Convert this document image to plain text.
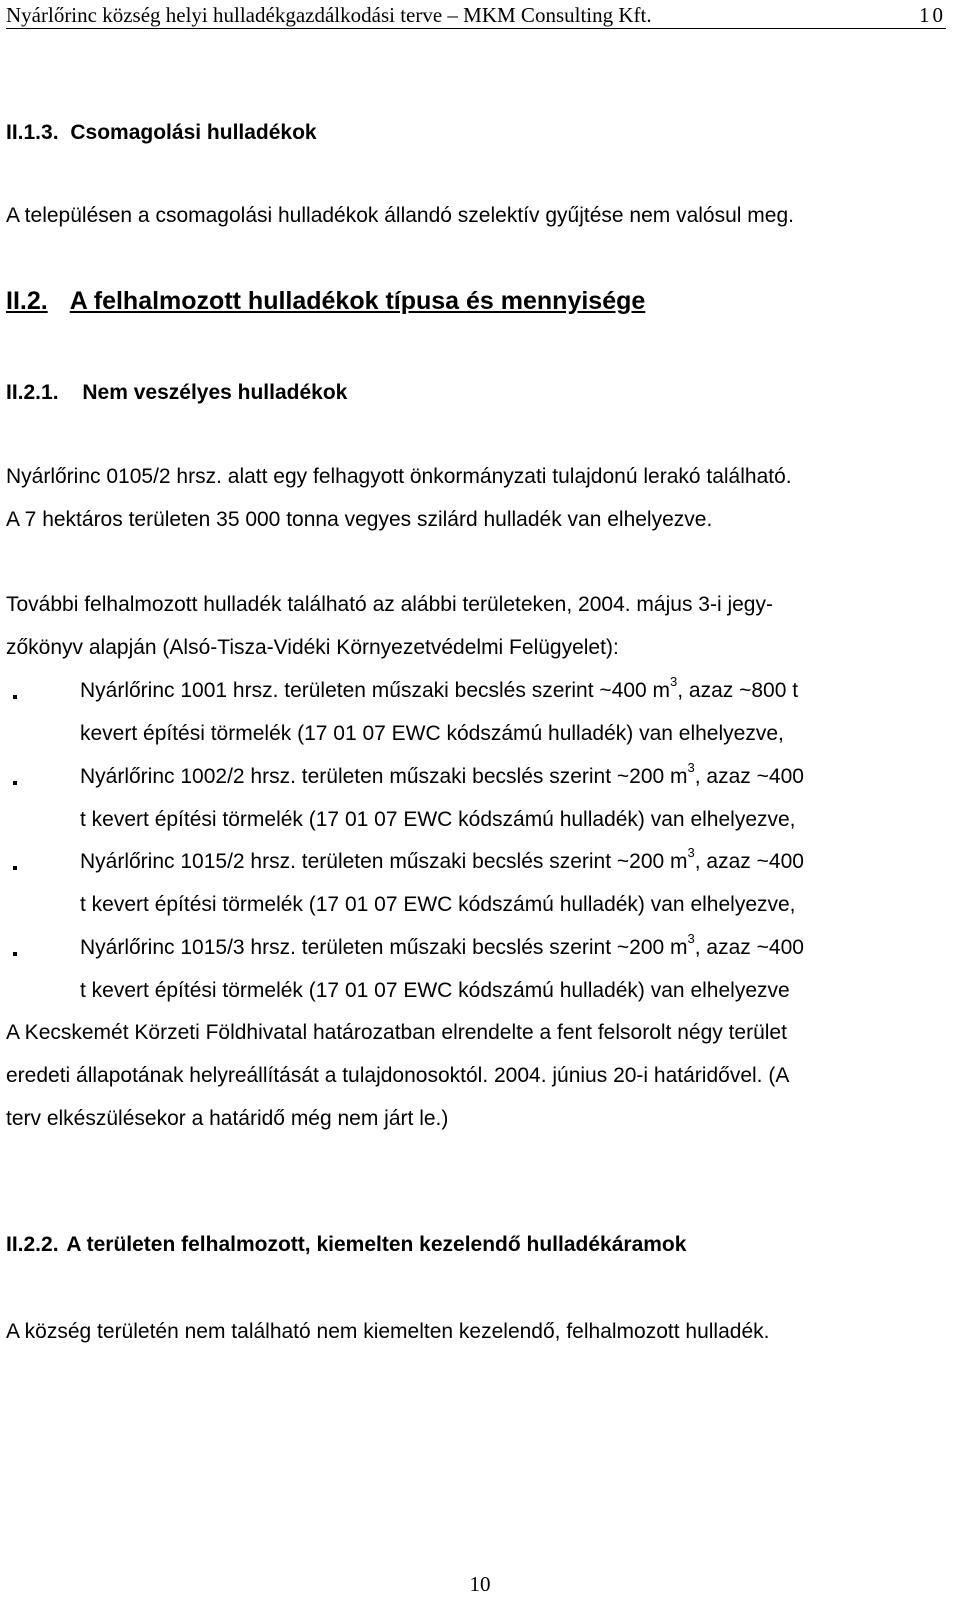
Nyárlőrinc község helyi hulladékgazdálkodási terve – MKM Consulting Kft.	10
II.1.3. Csomagolási hulladékok
A településen a csomagolási hulladékok állandó szelektív gyűjtése nem valósul meg.
II.2. A felhalmozott hulladékok típusa és mennyisége
II.2.1. Nem veszélyes hulladékok
Nyárlőrinc 0105/2 hrsz. alatt egy felhagyott önkormányzati tulajdonú lerakó található.
A 7 hektáros területen 35 000 tonna vegyes szilárd hulladék van elhelyezve.
További felhalmozott hulladék található az alábbi területeken, 2004. május 3-i jegy-
zőkönyv alapján (Alsó-Tisza-Vidéki Környezetvédelmi Felügyelet):
Nyárlőrinc 1001 hrsz. területen műszaki becslés szerint ~400 $m^3$, azaz ~800 t
kevert építési törmelék (17 01 07 EWC kódszámú hulladék) van elhelyezve,
Nyárlőrinc 1002/2 hrsz. területen műszaki becslés szerint ~200 $m^3$, azaz ~400
t kevert építési törmelék (17 01 07 EWC kódszámú hulladék) van elhelyezve,
Nyárlőrinc 1015/2 hrsz. területen műszaki becslés szerint ~200 $m^3$, azaz ~400
t kevert építési törmelék (17 01 07 EWC kódszámú hulladék) van elhelyezve,
Nyárlőrinc 1015/3 hrsz. területen műszaki becslés szerint ~200 $m^3$, azaz ~400
t kevert építési törmelék (17 01 07 EWC kódszámú hulladék) van elhelyezve
A Kecskemét Körzeti Földhivatal határozatban elrendelte a fent felsorolt négy terület
eredeti állapotának helyreállítását a tulajdonosoktól. 2004. június 20-i határidővel. (A
terv elkészülésekor a határidő még nem járt le.)
II.2.2. A területen felhalmozott, kiemelten kezelendő hulladékáramok
A község területén nem található nem kiemelten kezelendő, felhalmozott hulladék.
10
